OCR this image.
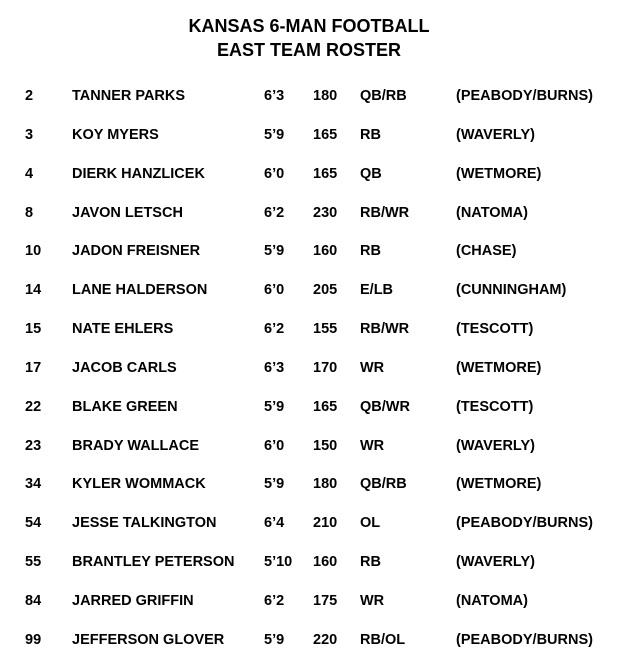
KANSAS 6-MAN FOOTBALL
EAST TEAM ROSTER
2	TANNER PARKS	6’3 180 QB/RB	(PEABODY/BURNS)
3	KOY MYERS	5’9 165 RB	(WAVERLY)
4	DIERK HANZLICEK	6’0 165 QB	(WETMORE)
8	JAVON LETSCH	6’2 230 RB/WR	(NATOMA)
10 JADON FREISNER	5’9 160 RB	(CHASE)
14 LANE HALDERSON	6’0 205 E/LB	(CUNNINGHAM)
15 NATE EHLERS	6’2 155 RB/WR	(TESCOTT)
17 JACOB CARLS	6’3 170 WR	(WETMORE)
22 BLAKE GREEN	5’9 165 QB/WR	(TESCOTT)
23 BRADY WALLACE	6’0 150 WR	(WAVERLY)
34 KYLER WOMMACK	5’9 180 QB/RB	(WETMORE)
54 JESSE TALKINGTON	6’4 210 OL	(PEABODY/BURNS)
55 BRANTLEY PETERSON 5’10 160 RB	(WAVERLY)
84 JARRED GRIFFIN	6’2 175 WR	(NATOMA)
99 JEFFERSON GLOVER	5’9 220 RB/OL	(PEABODY/BURNS)
